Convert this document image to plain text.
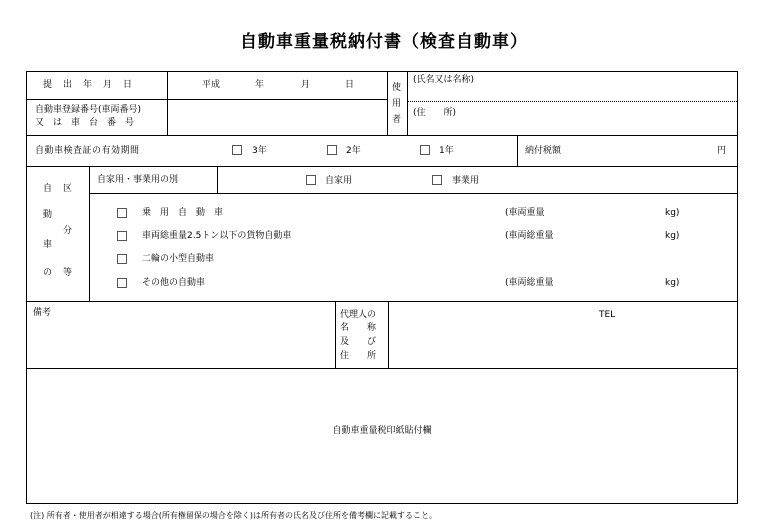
自動車重量税納付書（検査自動車）
提　出　年　月　日	平成	年	月	日
自動車登録番号(車両番号)
又　は　車　台　番　号
使
用
者
(氏名又は名称)
(住　　所)
自動車検査証の有効期間	3年	2年	1年	納付税額	円
自 区
動
分
車
の 等
自家用・事業用の別	自家用	事業用
乗　用　自　動　車	(車両重量	kg)
車両総重量2.5トン以下の貨物自動車	(車両総重量	kg)
二輪の小型自動車
その他の自動車	(車両総重量	kg)
備考	代理人の
名　　称
及　　び
住　　所
TEL
自動車重量税印紙貼付欄
(注) 所有者・使用者が相違する場合(所有権留保の場合を除く)は所有者の氏名及び住所を備考欄に記載すること。
